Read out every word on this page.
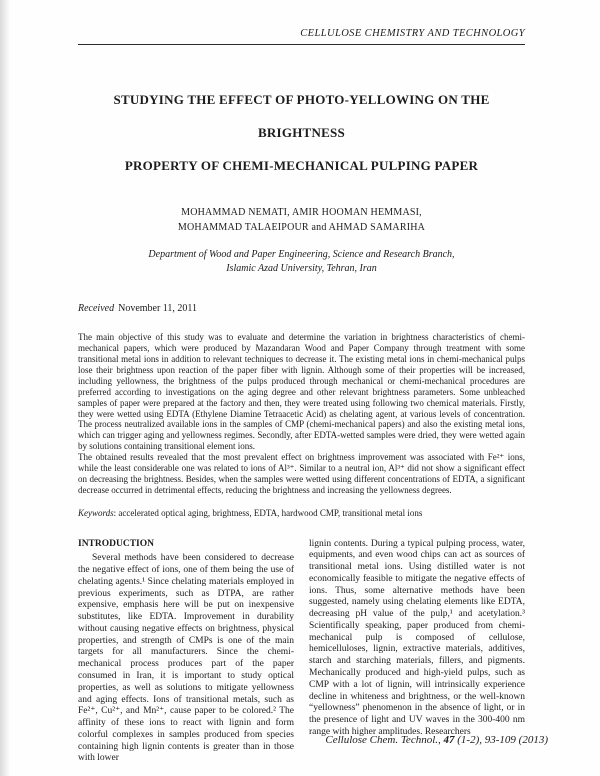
CELLULOSE CHEMISTRY AND TECHNOLOGY
STUDYING THE EFFECT OF PHOTO-YELLOWING ON THE BRIGHTNESS
PROPERTY OF CHEMI-MECHANICAL PULPING PAPER
MOHAMMAD NEMATI, AMIR HOOMAN HEMMASI,
MOHAMMAD TALAEIPOUR and AHMAD SAMARIHA
Department of Wood and Paper Engineering, Science and Research Branch,
Islamic Azad University, Tehran, Iran
Received November 11, 2011

The main objective of this study was to evaluate and determine the variation in brightness characteristics of chemi-mechanical papers, which were produced by Mazandaran Wood and Paper Company through treatment with some transitional metal ions in addition to relevant techniques to decrease it. The existing metal ions in chemi-mechanical pulps lose their brightness upon reaction of the paper fiber with lignin. Although some of their properties will be increased, including yellowness, the brightness of the pulps produced through mechanical or chemi-mechanical procedures are preferred according to investigations on the aging degree and other relevant brightness parameters. Some unbleached samples of paper were prepared at the factory and then, they were treated using following two chemical materials. Firstly, they were wetted using EDTA (Ethylene Diamine Tetraacetic Acid) as chelating agent, at various levels of concentration. The process neutralized available ions in the samples of CMP (chemi-mechanical papers) and also the existing metal ions, which can trigger aging and yellowness regimes. Secondly, after EDTA-wetted samples were dried, they were wetted again by solutions containing transitional element ions.

The obtained results revealed that the most prevalent effect on brightness improvement was associated with Fe²⁺ ions, while the least considerable one was related to ions of Al³⁺. Similar to a neutral ion, Al³⁺ did not show a significant effect on decreasing the brightness. Besides, when the samples were wetted using different concentrations of EDTA, a significant decrease occurred in detrimental effects, reducing the brightness and increasing the yellowness degrees.

Keywords: accelerated optical aging, brightness, EDTA, hardwood CMP, transitional metal ions
INTRODUCTION

Several methods have been considered to decrease the negative effect of ions, one of them being the use of chelating agents.¹ Since chelating materials employed in previous experiments, such as DTPA, are rather expensive, emphasis here will be put on inexpensive substitutes, like EDTA. Improvement in durability without causing negative effects on brightness, physical properties, and strength of CMPs is one of the main targets for all manufacturers. Since the chemi-mechanical process produces part of the paper consumed in Iran, it is important to study optical properties, as well as solutions to mitigate yellowness and aging effects. Ions of transitional metals, such as Fe²⁺, Cu²⁺, and Mn²⁺, cause paper to be colored.² The affinity of these ions to react with lignin and form colorful complexes in samples produced from species containing high lignin contents is greater than in those with lower

lignin contents. During a typical pulping process, water, equipments, and even wood chips can act as sources of transitional metal ions. Using distilled water is not economically feasible to mitigate the negative effects of ions. Thus, some alternative methods have been suggested, namely using chelating elements like EDTA, decreasing pH value of the pulp,¹ and acetylation.³ Scientifically speaking, paper produced from chemi-mechanical pulp is composed of cellulose, hemicelluloses, lignin, extractive materials, additives, starch and starching materials, fillers, and pigments. Mechanically produced and high-yield pulps, such as CMP with a lot of lignin, will intrinsically experience decline in whiteness and brightness, or the well-known “yellowness” phenomenon in the absence of light, or in the presence of light and UV waves in the 300-400 nm range with higher amplitudes. Researchers

Cellulose Chem. Technol., 47 (1-2), 93-109 (2013)
